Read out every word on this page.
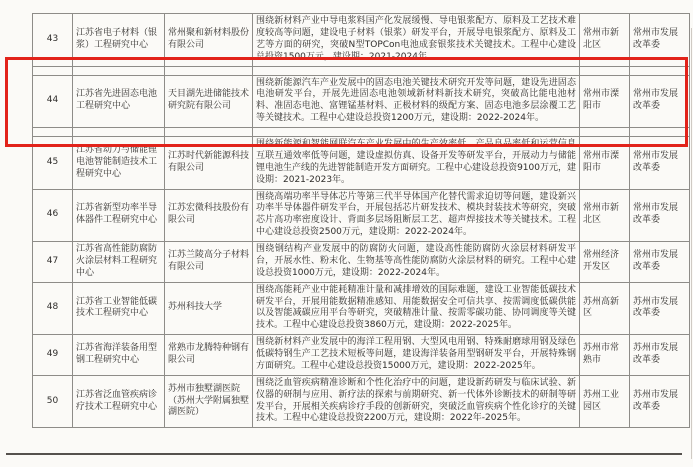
43	江苏省电子材料（银浆）工程研究中心	常州聚和新材料股份有限公司	围绕新材料产业中导电浆料国产化发展缓慢、导电银浆配方、原料及工艺技术难度较高等问题，建设电子材料（银浆）研发平台，开展导电银浆配方、原料及工艺等方面的研究，突破N型TOPCon电池成套银浆技术关键技术。工程中心建设总投资1500万元，建设期：2021-2024年。	常州市新北区	常州市发展改革委

44	江苏省先进固态电池工程研究中心	天目湖先进储能技术研究院有限公司	围绕新能源汽车产业发展中的固态电池关键技术研究开发等问题，建设先进固态电池研发平台，开展先进固态电池领域新材料新技术研究，突破高比能电池材料、准固态电池、富锂锰基材料、正极材料的级配方案、固态电池多层涂覆工艺等关键技术。工程中心建设总投资1200万元，建设期：2022-2024年。	常州市溧阳市	常州市发展改革委

45	江苏省动力与储能锂电池智能制造技术工程研究中心	江苏时代新能源科技有限公司	围绕新能源和智能网联汽车产业发展中的生产效率低、产品良品率低和运营信息互联互通效率低等问题，建设虚拟仿真、设备开发等研发平台，开展动力与储能锂电池生产线的先进智能制造开发方面研究。工程中心建设总投资9100万元，建设期：2021-2023年。	常州市溧阳市	常州市发展改革委
46	江苏省新型功率半导体器件工程研究中心	江苏宏微科技股份有限公司	围绕高端功率半导体芯片等第三代半导体国产化替代需求迫切等问题，建设新兴功率半导体器件研发平台，开展包括芯片研发技术、模块封装技术等研究，突破芯片高功率密度设计、背面多层场阻断层工艺、超声焊接技术等关键技术。工程中心建设总投资2500万元，建设期：2022-2024年。	常州市新北区	常州市发展改革委
47	江苏省高性能防腐防火涂层材料工程研究中心	江苏兰陵高分子材料有限公司	围绕钢结构产业发展中的防腐防火问题，建设高性能防腐防火涂层材料研发平台，开展水性、粉末化、生物基等高性能防腐防火涂层材料的研究。工程中心建设总投资1000万元，建设期：2022-2024年。	常州经济开发区	常州市发展改革委
48	江苏省工业智能低碳技术工程研究中心	苏州科技大学	围绕高能耗产业中能耗精准计量和减排增效的国际难题，建设工业智能低碳技术研发平台，开展用能数据精准感知、用能数据安全可信共享、按需调度低碳供能以及智能减碳应用平台等研究，突破精准计量、按需零碳功能、协同调度等关键技术。工程中心建设总投资3860万元，建设期：2022-2025年。	苏州高新区	苏州市发展改革委
49	江苏省海洋装备用型钢工程研究中心	常熟市龙腾特种钢有限公司	围绕新材料产业发展中的海洋工程用钢、大型风电用钢、特殊耐磨球用钢及绿色低碳特钢生产工艺技术短板等问题，建设海洋装备用型钢研发平台，开展特殊钢方面研究。工程中心建设总投资15000万元，建设期：2022-2025年。	苏州市常熟市	苏州市发展改革委
50	江苏省泛血管疾病诊疗技术工程研究中心	苏州市独墅湖医院（苏州大学附属独墅湖医院）	围绕泛血管疾病精准诊断和个性化治疗中的问题，建设新药研发与临床试验、新仪器的研制与应用、新疗法的探索与前期研究、新一代体外诊断技术的研制等研发平台，开展相关疾病诊疗手段的创新研究，突破泛血管疾病个性化诊疗的关键技术。工程中心建设总投资2200万元，建设期：2022年-2025年。	苏州工业园区	苏州市发展改革委
